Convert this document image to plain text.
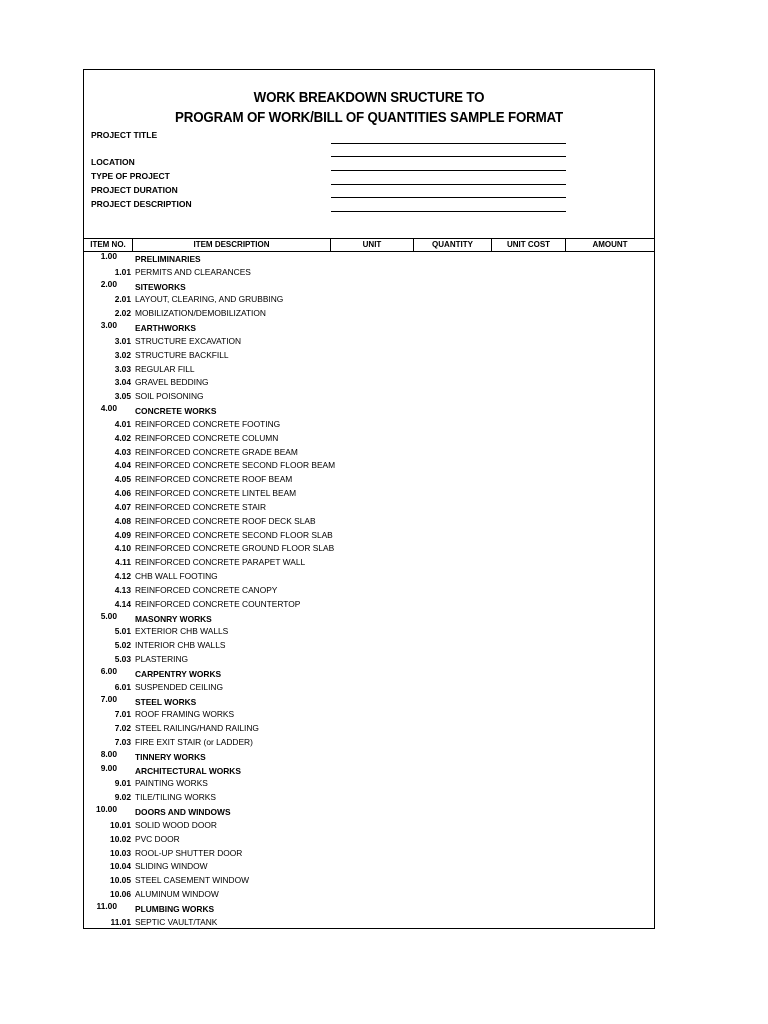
WORK BREAKDOWN SRUCTURE TO
PROGRAM OF WORK/BILL OF QUANTITIES SAMPLE FORMAT
PROJECT TITLE
LOCATION
TYPE OF PROJECT
PROJECT DURATION
PROJECT DESCRIPTION
ITEM NO.	ITEM DESCRIPTION	UNIT	QUANTITY	UNIT COST	AMOUNT
1.00 PRELIMINARIES
1.01 PERMITS AND CLEARANCES
2.00 SITEWORKS
2.01 LAYOUT, CLEARING, AND GRUBBING
2.02 MOBILIZATION/DEMOBILIZATION
3.00 EARTHWORKS
3.01 STRUCTURE EXCAVATION
3.02 STRUCTURE BACKFILL
3.03 REGULAR FILL
3.04 GRAVEL BEDDING
3.05 SOIL POISONING
4.00 CONCRETE WORKS
4.01 REINFORCED CONCRETE FOOTING
4.02 REINFORCED CONCRETE COLUMN
4.03 REINFORCED CONCRETE GRADE BEAM
4.04 REINFORCED CONCRETE SECOND FLOOR BEAM
4.05 REINFORCED CONCRETE ROOF BEAM
4.06 REINFORCED CONCRETE LINTEL BEAM
4.07 REINFORCED CONCRETE STAIR
4.08 REINFORCED CONCRETE ROOF DECK SLAB
4.09 REINFORCED CONCRETE SECOND FLOOR SLAB
4.10 REINFORCED CONCRETE GROUND FLOOR SLAB
4.11 REINFORCED CONCRETE PARAPET WALL
4.12 CHB WALL FOOTING
4.13 REINFORCED CONCRETE CANOPY
4.14 REINFORCED CONCRETE COUNTERTOP
5.00 MASONRY WORKS
5.01 EXTERIOR CHB WALLS
5.02 INTERIOR CHB WALLS
5.03 PLASTERING
6.00 CARPENTRY WORKS
6.01 SUSPENDED CEILING
7.00 STEEL WORKS
7.01 ROOF FRAMING WORKS
7.02 STEEL RAILING/HAND RAILING
7.03 FIRE EXIT STAIR (or LADDER)
8.00 TINNERY WORKS
9.00 ARCHITECTURAL WORKS
9.01 PAINTING WORKS
9.02 TILE/TILING WORKS
10.00 DOORS AND WINDOWS
10.01 SOLID WOOD DOOR
10.02 PVC DOOR
10.03 ROOL-UP SHUTTER DOOR
10.04 SLIDING WINDOW
10.05 STEEL CASEMENT WINDOW
10.06 ALUMINUM WINDOW
11.00 PLUMBING WORKS
11.01 SEPTIC VAULT/TANK
